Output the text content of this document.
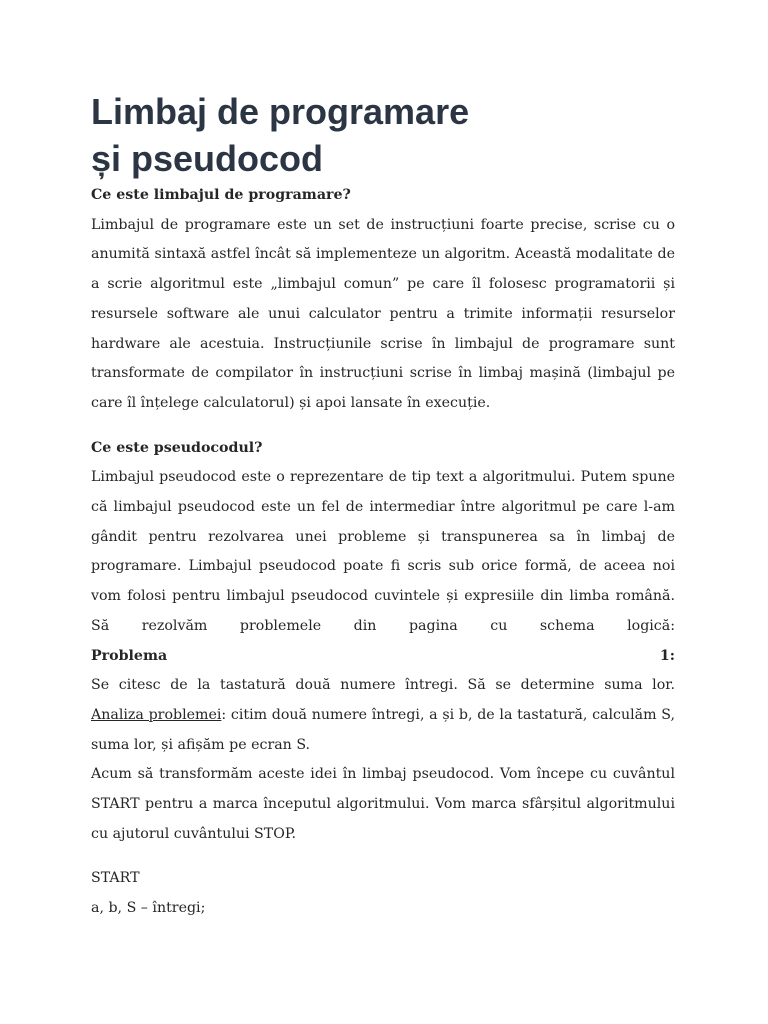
Limbaj de programare
și pseudocod

Ce este limbajul de programare?

Limbajul de programare este un set de instrucțiuni foarte precise, scrise cu o anumită sintaxă astfel încât să implementeze un algoritm. Această modalitate de a scrie algoritmul este „limbajul comun” pe care îl folosesc programatorii și resursele software ale unui calculator pentru a trimite informații resurselor hardware ale acestuia. Instrucțiunile scrise în limbajul de programare sunt transformate de compilator în instrucțiuni scrise în limbaj mașină (limbajul pe care îl înțelege calculatorul) și apoi lansate în execuție.

Ce este pseudocodul?

Limbajul pseudocod este o reprezentare de tip text a algoritmului. Putem spune că limbajul pseudocod este un fel de intermediar între algoritmul pe care l-am gândit pentru rezolvarea unei probleme și transpunerea sa în limbaj de programare. Limbajul pseudocod poate fi scris sub orice formă, de aceea noi vom folosi pentru limbajul pseudocod cuvintele și expresiile din limba română.

Să rezolvăm problemele din pagina cu schema logică:

Problema 1:

Se citesc de la tastatură două numere întregi. Să se determine suma lor.

Analiza problemei: citim două numere întregi, a și b, de la tastatură, calculăm S, suma lor, și afișăm pe ecran S.

Acum să transformăm aceste idei în limbaj pseudocod. Vom începe cu cuvântul START pentru a marca începutul algoritmului. Vom marca sfârșitul algoritmului cu ajutorul cuvântului STOP.

START

a, b, S – întregi;
